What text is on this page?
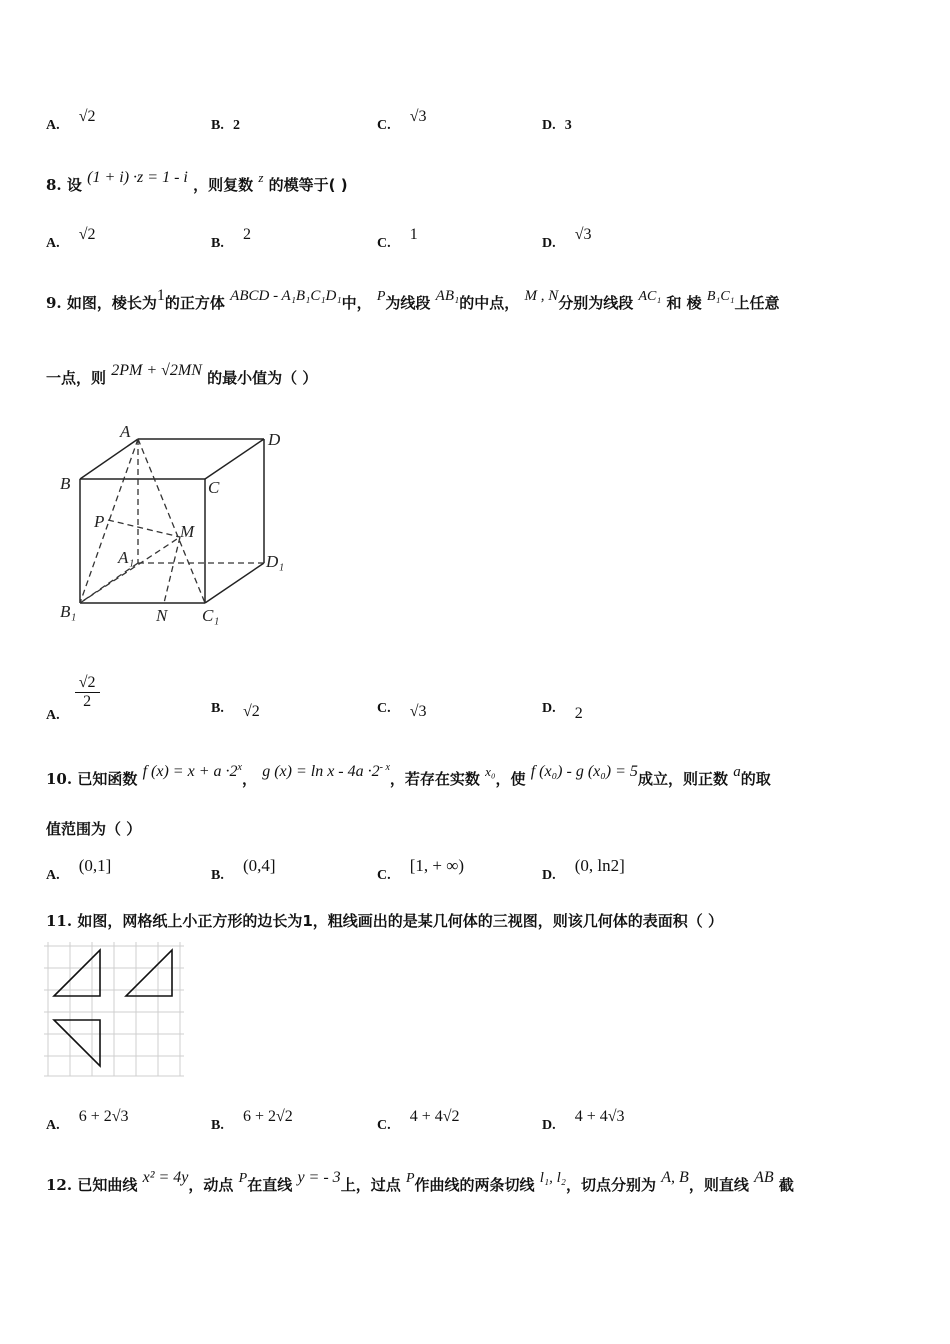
A. √2
B. 2	C. √3
D. 3
8. 设 (1 + i) ·z = 1 - i ，则复数 z 的模等于( )
A. √2
B. 2
C. 1
D. √3
9. 如图，棱长为1的正方体 ABCD - A₁B₁C₁D₁中， P为线段 AB₁的中点， M , N分别为线段 AC₁ 和 棱 B₁C₁上任意
一点，则 2PM + √2MN 的最小值为（ ）
A	D
B	C
P
M
A₁	D₁
B₁	N C₁
A.
$\frac{√2}{2}$	B. √2	C. √3	D. 2
10. 已知函数 f $(x) = x + a \cdot 2^x$， g $(x) = \ln x - 4a \cdot 2^{- x}$，若存在实数 x₀，使 f (x₀) - g (x₀) = 5成立，则正数 a的取
值范围为（ ）
A. (0,1]
B. (0,4]
C. [1, + ∞)
D. (0, ln2]
11. 如图，网格纸上小正方形的边长为1，粗线画出的是某几何体的三视图，则该几何体的表面积（ ）
A. 6 + 2√3
B. 6 + 2√2
C. 4 + 4√2
D. 4 + 4√3
12. 已知曲线 x² = 4y，动点 P在直线 y = - 3上，过点 P作曲线的两条切线 l₁, l₂，切点分别为 A, B，则直线 AB 截
